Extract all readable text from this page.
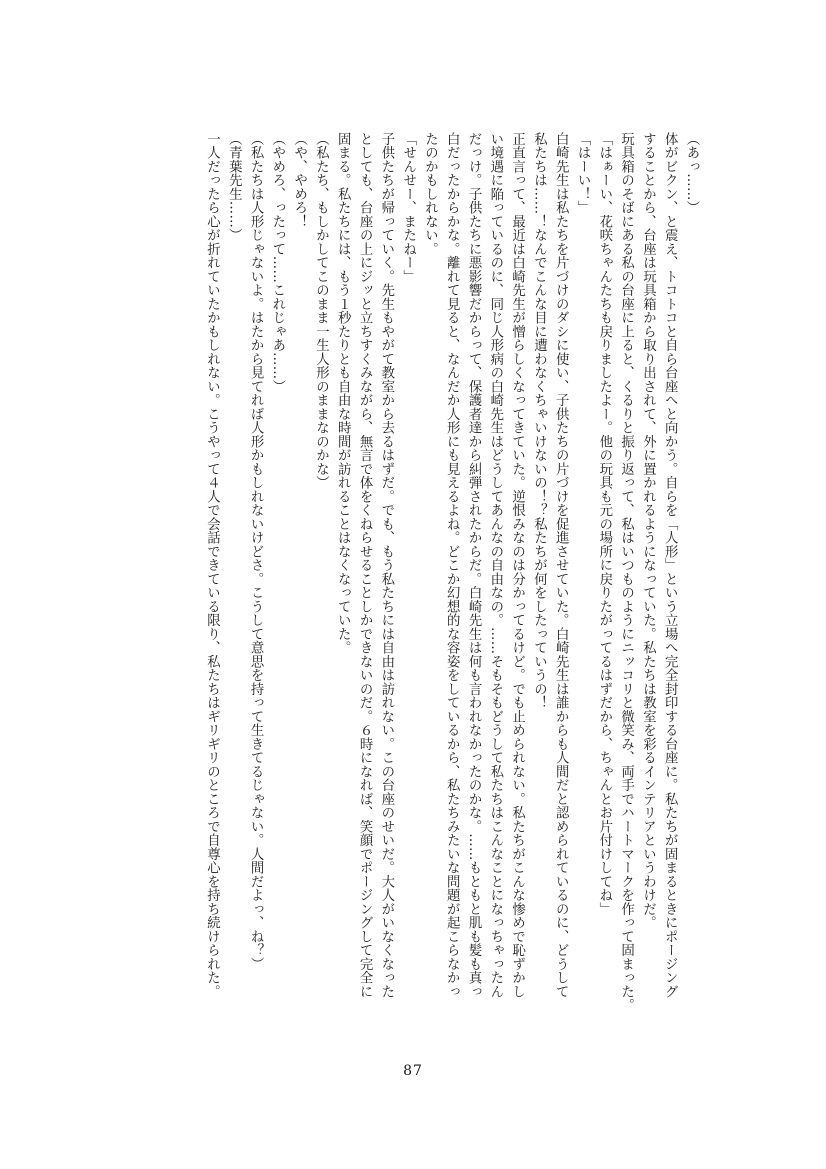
（あっ……）
体がビクン、と震え、トコトコと自ら台座へと向かう。自らを「人形」という立場へ完全封印する台座に。私たちが固まるときにポージング
することから、台座は玩具箱から取り出されて、外に置かれるようになっていた。私たちは教室を彩るインテリアというわけだ。
玩具箱のそばにある私の台座に上ると、くるりと振り返って、私はいつものようにニッコリと微笑み、両手でハートマークを作って固まった。
「はぁーい、花咲ちゃんたちも戻りましたよー。他の玩具も元の場所に戻りたがってるはずだから、ちゃんとお片付けしてね」
「はーい！」
白崎先生は私たちを片づけのダシに使い、子供たちの片づけを促進させていた。白崎先生は誰からも人間だと認められているのに、どうして
私たちは……！なんでこんな目に遭わなくちゃいけないの！？私たちが何をしたっていうの！
正直言って、最近は白崎先生が憎らしくなってきていた。逆恨みなのは分かってるけど。でも止められない。私たちがこんな惨めで恥ずかし
い境遇に陥っているのに、同じ人形病の白崎先生はどうしてあんなの自由なの。……そもそもどうして私たちはこんなことになっちゃったん
だっけ。子供たちに悪影響だからって、保護者達から糾弾されたからだ。白崎先生は何も言われなかったのかな。……もともと肌も髪も真っ
白だったからかな。離れて見ると、なんだか人形にも見えるよね。どこか幻想的な容姿をしているから、私たちみたいな問題が起こらなかっ
たのかもしれない。
「せんせー、またねー」
子供たちが帰っていく。先生もやがて教室から去るはずだ。でも、もう私たちには自由は訪れない。この台座のせいだ。大人がいなくなった
としても、台座の上にジッと立ちすくみながら、無言で体をくねらせることしかできないのだ。６時になれば、笑顔でポージングして完全に
固まる。私たちには、もう１秒たりとも自由な時間が訪れることはなくなっていた。
（私たち、もしかしてこのまま一生人形のままなのかな）
（や、やめろ！
（やめろ、ったって……これじゃあ……）
（私たちは人形じゃないよ。はたから見てれば人形かもしれないけどさ。こうして意思を持って生きてるじゃない。人間だよっ、ね？）
（青葉先生……）
一人だったら心が折れていたかもしれない。こうやって４人で会話できている限り、私たちはギリギリのところで自尊心を持ち続けられた。
87
